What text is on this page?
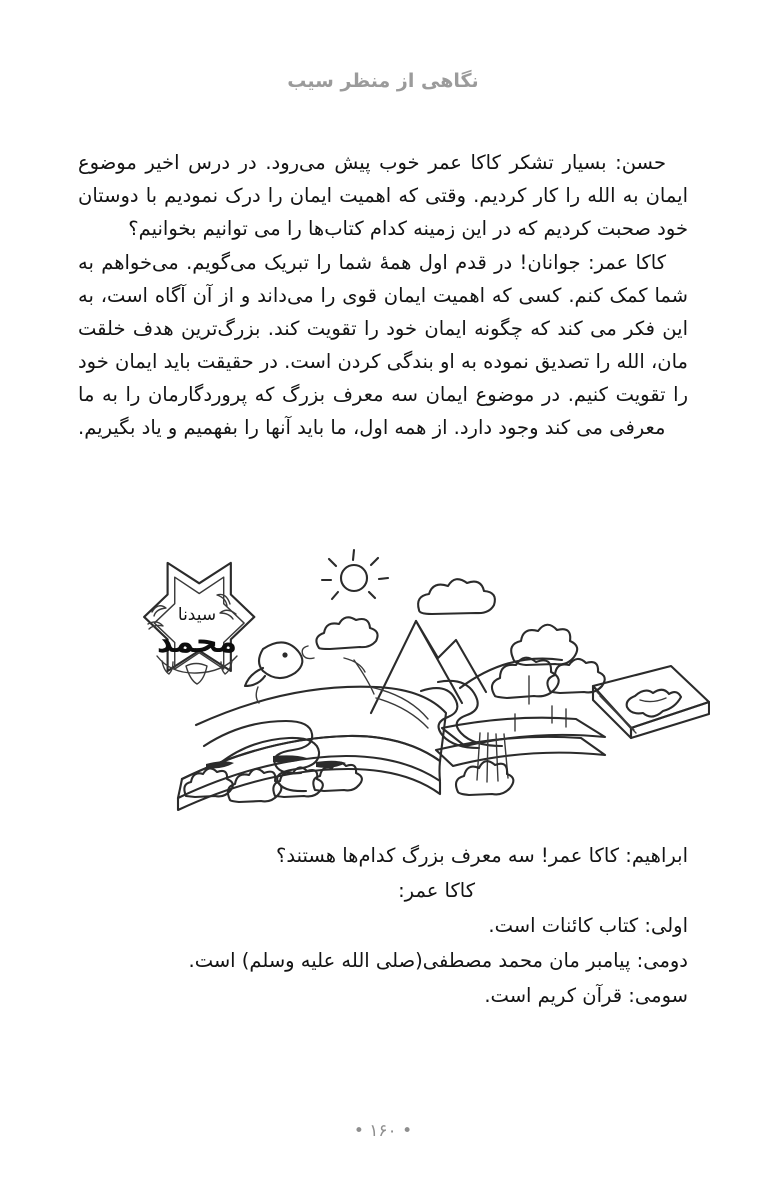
نگاهی از منظر سیب

حسن: بسیار تشکر کاکا عمر خوب پیش می‌رود. در درس اخیر موضوع ایمان به الله را کار کردیم. وقتی که اهمیت ایمان را درک نمودیم با دوستان خود صحبت کردیم که در این زمینه کدام کتاب‌ها را می توانیم بخوانیم؟

کاکا عمر: جوانان! در قدم اول همهٔ شما را تبریک می‌گویم. می‌خواهم به شما کمک کنم. کسی که اهمیت ایمان قوی را می‌داند و از آن آگاه است، به این فکر می کند که چگونه ایمان خود را تقویت کند. بزرگ‌ترین هدف خلقت مان، الله را تصدیق نموده به او بندگی کردن است. در حقیقت باید ایمان خود را تقویت کنیم. در موضوع ایمان سه معرف بزرگ که پروردگارمان را به ما معرفی می کند وجود دارد. از همه اول، ما باید آنها را بفهمیم و یاد بگیریم.

سیدنا
محمد

ابراهیم: کاکا عمر! سه معرف بزرگ کدام‌ها هستند؟

کاکا عمر:

اولی: کتاب کائنات است.

دومی: پیامبر مان محمد مصطفی(صلی الله علیه وسلم) است.

سومی: قرآن کریم است.

• ۱۶۰ •
